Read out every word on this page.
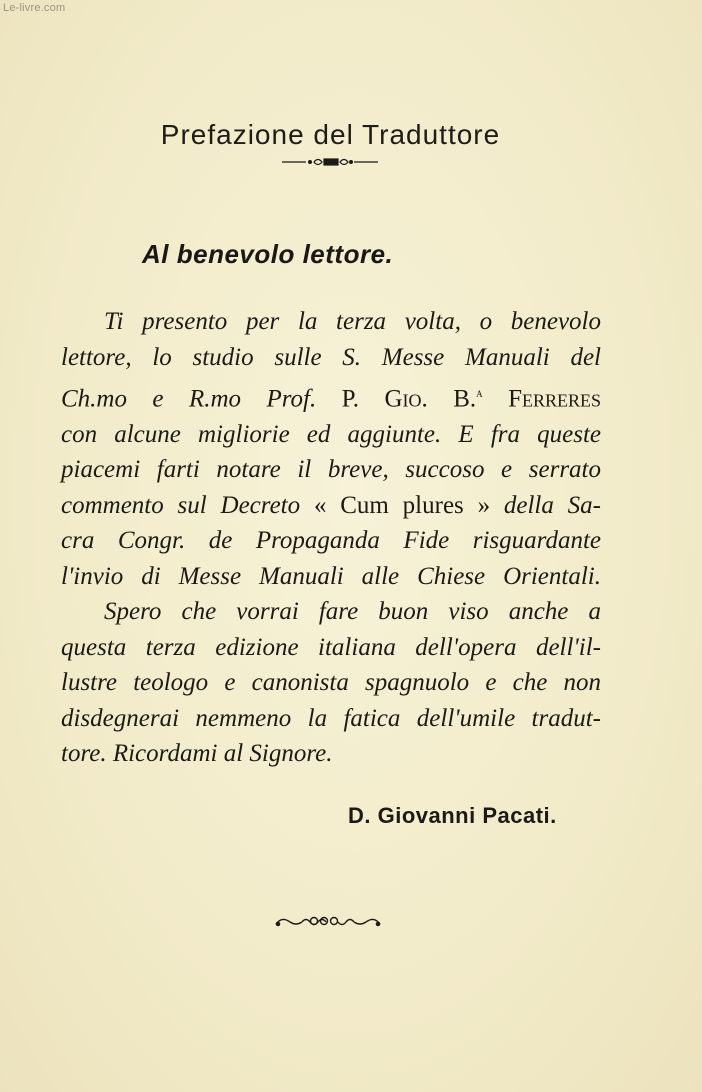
Le-livre.com
Prefazione del Traduttore
Al benevolo lettore.
Ti presento per la terza volta, o benevolo
lettore, lo studio sulle S. Messe Manuali del
Ch.mo e R.mo Prof. P. Gio. B.$^a$ Ferreres
con alcune migliorie ed aggiunte. E fra queste
piacemi farti notare il breve, succoso e serrato
commento sul Decreto « Cum plures » della Sa-
cra Congr. de Propaganda Fide risguardante
l'invio di Messe Manuali alle Chiese Orientali.
Spero che vorrai fare buon viso anche a
questa terza edizione italiana dell'opera dell'il-
lustre teologo e canonista spagnuolo e che non
disdegnerai nemmeno la fatica dell'umile tradut-
tore. Ricordami al Signore.
D. Giovanni Pacati.
